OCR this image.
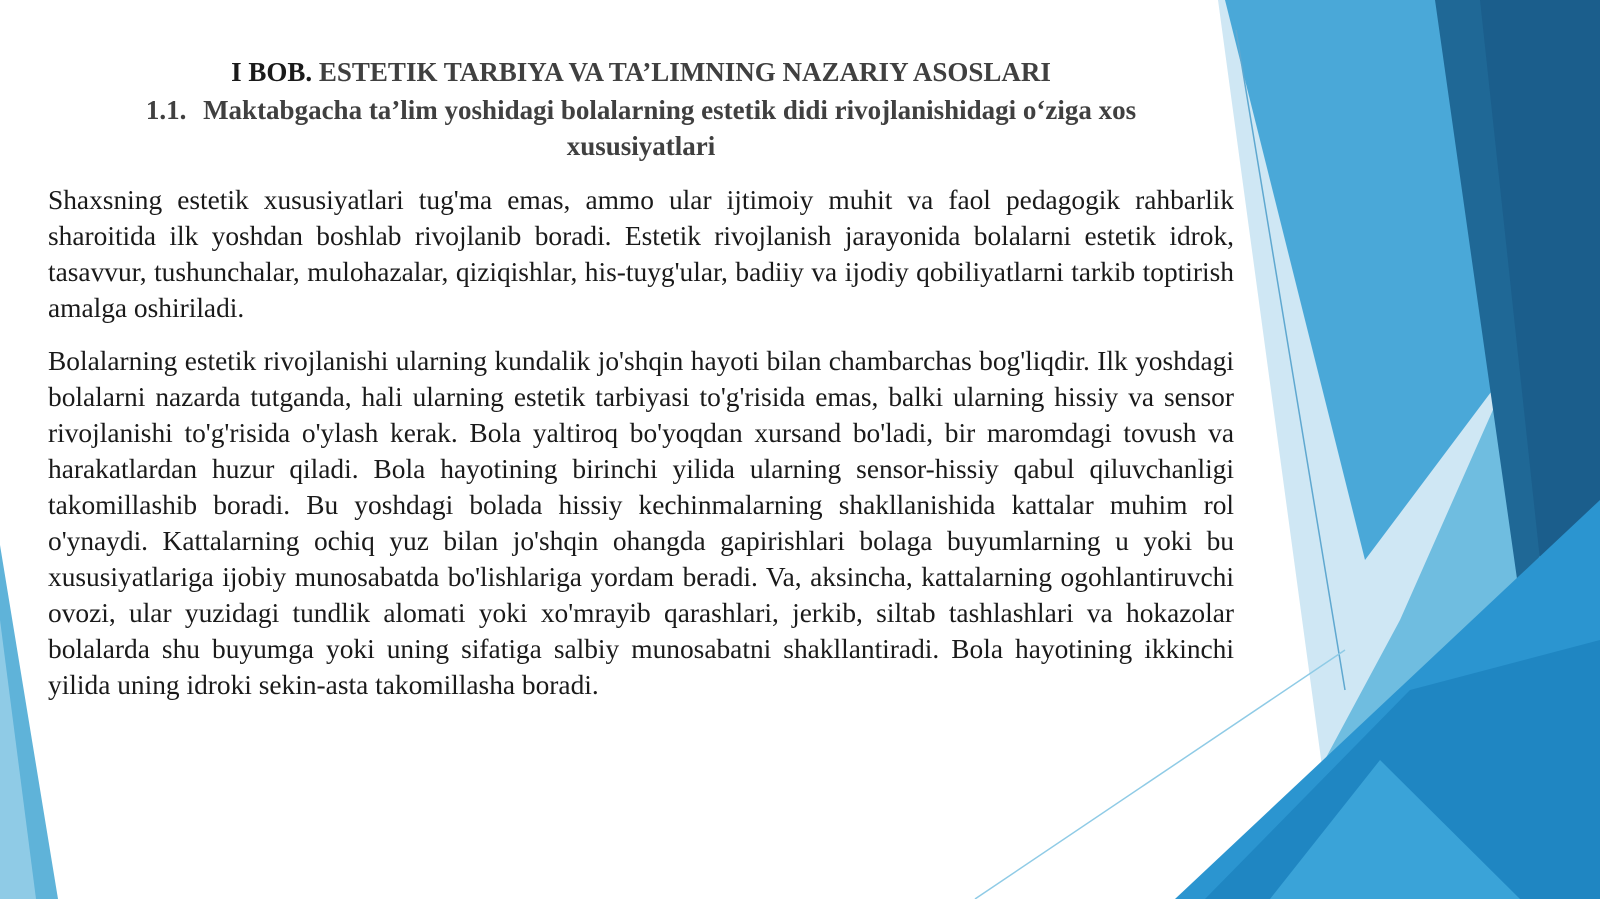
I BOB. ESTETIK TARBIYA VA TA’LIMNING NAZARIY ASOSLARI
1.1. Maktabgacha ta’lim yoshidagi bolalarning estetik didi rivojlanishidagi o‘ziga xos xususiyatlari

Shaxsning estetik xususiyatlari tug'ma emas, ammo ular ijtimoiy muhit va faol pedagogik rahbarlik sharoitida ilk yoshdan boshlab rivojlanib boradi. Estetik rivojlanish jarayonida bolalarni estetik idrok, tasavvur, tushunchalar, mulohazalar, qiziqishlar, his-tuyg'ular, badiiy va ijodiy qobiliyatlarni tarkib toptirish amalga oshiriladi.

Bolalarning estetik rivojlanishi ularning kundalik jo'shqin hayoti bilan chambarchas bog'liqdir. Ilk yoshdagi bolalarni nazarda tutganda, hali ularning estetik tarbiyasi to'g'risida emas, balki ularning hissiy va sensor rivojlanishi to'g'risida o'ylash kerak. Bola yaltiroq bo'yoqdan xursand bo'ladi, bir maromdagi tovush va harakatlardan huzur qiladi. Bola hayotining birinchi yilida ularning sensor-hissiy qabul qiluvchanligi takomillashib boradi. Bu yoshdagi bolada hissiy kechinmalarning shakllanishida kattalar muhim rol o'ynaydi. Kattalarning ochiq yuz bilan jo'shqin ohangda gapirishlari bolaga buyumlarning u yoki bu xususiyatlariga ijobiy munosabatda bo'lishlariga yordam beradi. Va, aksincha, kattalarning ogohlantiruvchi ovozi, ular yuzidagi tundlik alomati yoki xo'mrayib qarashlari, jerkib, siltab tashlashlari va hokazolar bolalarda shu buyumga yoki uning sifatiga salbiy munosabatni shakllantiradi. Bola hayotining ikkinchi yilida uning idroki sekin-asta takomillasha boradi.
